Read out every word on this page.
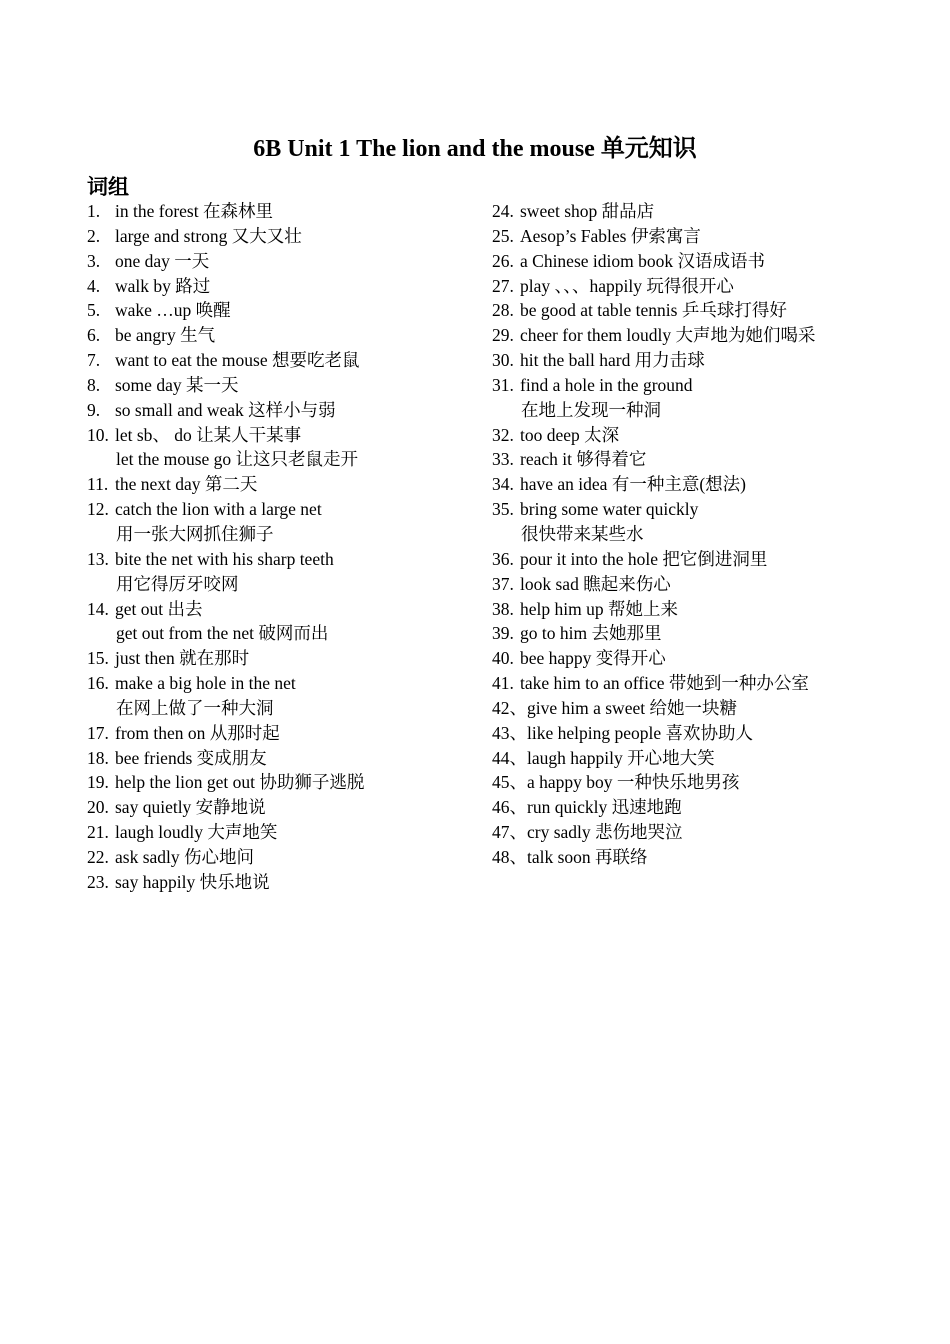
6B Unit 1 The lion and the mouse 单元知识
词组
1. in the forest 在森林里
2. large and strong 又大又壮
3. one day 一天
4. walk by 路过
5. wake …up 唤醒
6. be angry 生气
7. want to eat the mouse 想要吃老鼠
8. some day 某一天
9. so small and weak 这样小与弱
10. let sb、 do 让某人干某事
let the mouse go 让这只老鼠走开
11. the next day 第二天
12. catch the lion with a large net
用一张大网抓住狮子
13. bite the net with his sharp teeth
用它得厉牙咬网
14. get out 出去
get out from the net 破网而出
15. just then 就在那时
16. make a big hole in the net
在网上做了一种大洞
17. from then on 从那时起
18. bee friends 变成朋友
19. help the lion get out 协助狮子逃脱
20. say quietly 安静地说
21. laugh loudly 大声地笑
22. ask sadly 伤心地问
23. say happily 快乐地说
24. sweet shop 甜品店
25. Aesop’s Fables 伊索寓言
26. a Chinese idiom book 汉语成语书
27. play 、、、happily 玩得很开心
28. be good at table tennis 乒乓球打得好
29. cheer for them loudly 大声地为她们喝采
30. hit the ball hard 用力击球
31. find a hole in the ground
在地上发现一种洞
32. too deep 太深
33. reach it 够得着它
34. have an idea 有一种主意(想法)
35. bring some water quickly
很快带来某些水
36. pour it into the hole 把它倒进洞里
37. look sad 瞧起来伤心
38. help him up 帮她上来
39. go to him 去她那里
40. bee happy 变得开心
41. take him to an office 带她到一种办公室
42、give him a sweet 给她一块糖
43、like helping people 喜欢协助人
44、laugh happily 开心地大笑
45、a happy boy 一种快乐地男孩
46、run quickly 迅速地跑
47、cry sadly 悲伤地哭泣
48、talk soon 再联络
